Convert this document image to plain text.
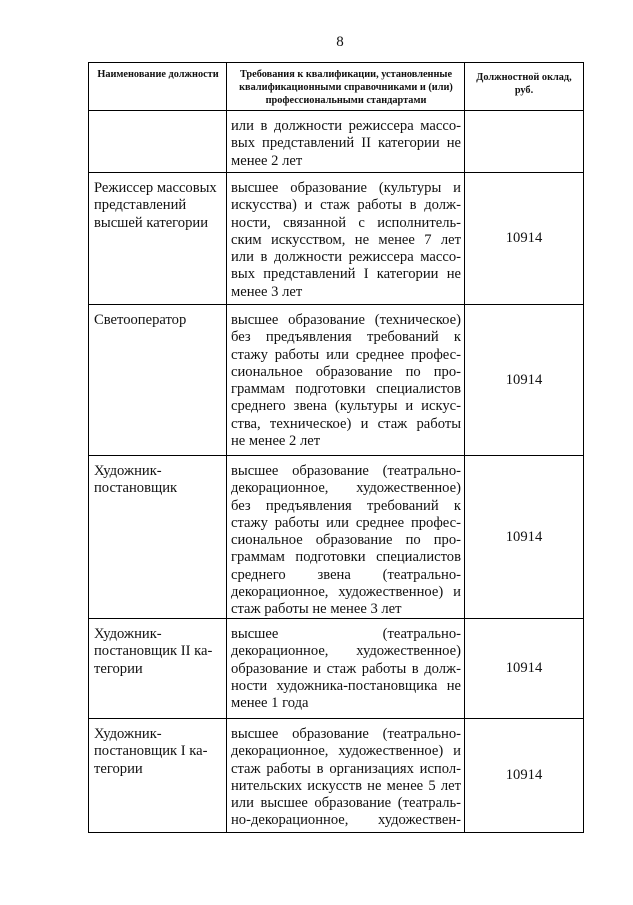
8
Наименование должности	Требования к квалификации, установленные
квалификационными справочниками и (или)
профессиональными стандартами
Должностной оклад,
руб.
или в должности режиссера массо-
вых представлений II категории не
менее 2 лет
Режиссер массовых
представлений
высшей категории
высшее образование (культуры и
искусства) и стаж работы в долж-
ности, связанной с исполнитель-
ским искусством, не менее 7 лет
или в должности режиссера массо-
вых представлений I категории не
менее 3 лет
10914
Светооператор	высшее образование (техническое)
без предъявления требований к
стажу работы или среднее профес-
сиональное образование по про-
граммам подготовки специалистов
среднего звена (культуры и искус-
ства, техническое) и стаж работы
не менее 2 лет
10914
Художник-
постановщик
высшее образование (театрально-
декорационное, художественное)
без предъявления требований к
стажу работы или среднее профес-
сиональное образование по про-
граммам подготовки специалистов
среднего звена (театрально-
декорационное, художественное) и
стаж работы не менее 3 лет
10914
Художник-
постановщик II ка-
тегории
высшее (театрально-
декорационное, художественное)
образование и стаж работы в долж-
ности художника-постановщика не
менее 1 года
10914
Художник-
постановщик I ка-
тегории
высшее образование (театрально-
декорационное, художественное) и
стаж работы в организациях испол-
нительских искусств не менее 5 лет
или высшее образование (театраль-
но-декорационное, художествен-
10914
